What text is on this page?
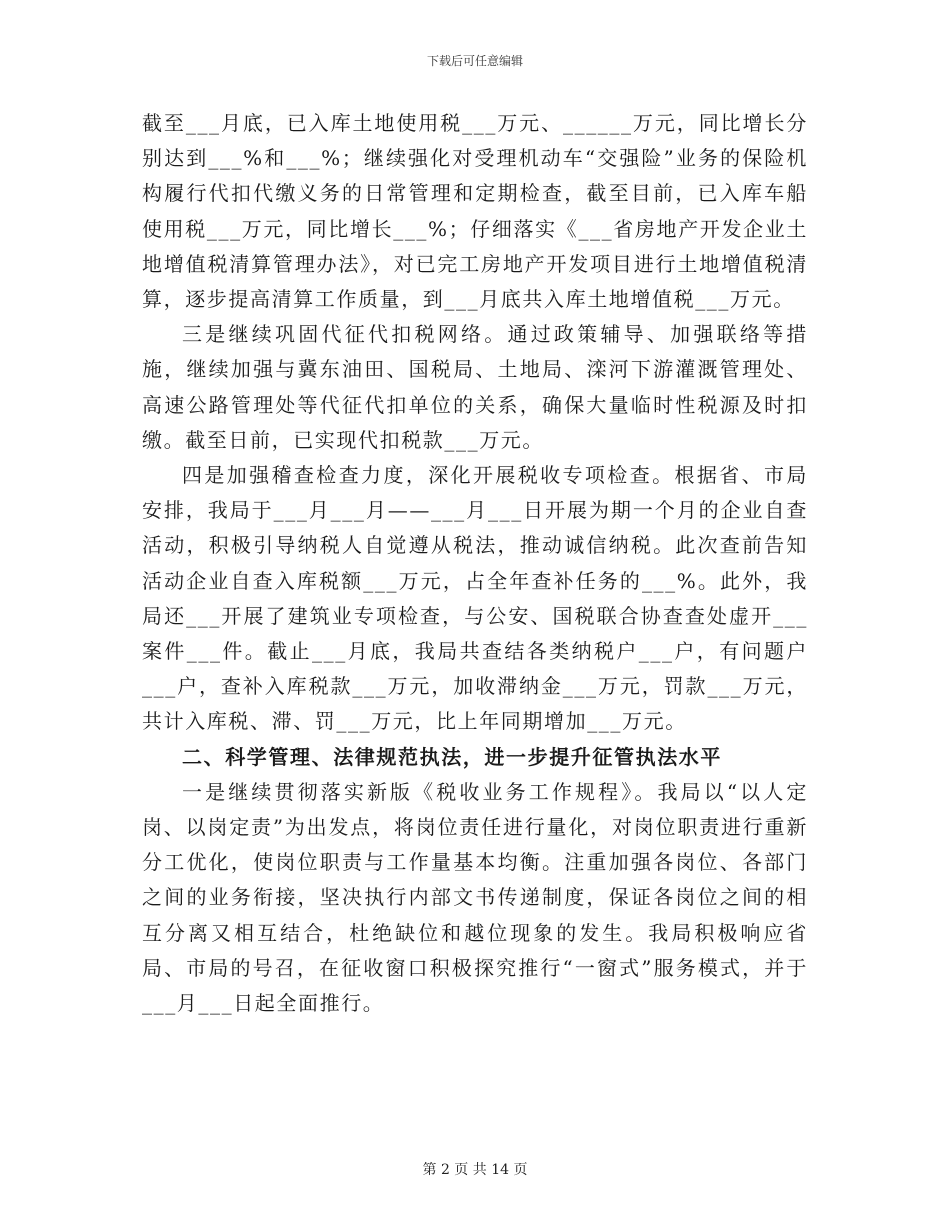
下载后可任意编辑

截至___月底，已入库土地使用税___万元、______万元，同比增长分别达到___%和___%；继续强化对受理机动车“交强险”业务的保险机构履行代扣代缴义务的日常管理和定期检查，截至目前，已入库车船使用税___万元，同比增长___%；仔细落实《___省房地产开发企业土地增值税清算管理办法》，对已完工房地产开发项目进行土地增值税清算，逐步提高清算工作质量，到___月底共入库土地增值税___万元。

三是继续巩固代征代扣税网络。通过政策辅导、加强联络等措施，继续加强与冀东油田、国税局、土地局、滦河下游灌溉管理处、高速公路管理处等代征代扣单位的关系，确保大量临时性税源及时扣缴。截至日前，已实现代扣税款___万元。

四是加强稽查检查力度，深化开展税收专项检查。根据省、市局安排，我局于___月___月——___月___日开展为期一个月的企业自查活动，积极引导纳税人自觉遵从税法，推动诚信纳税。此次查前告知活动企业自查入库税额___万元，占全年查补任务的___%。此外，我局还___开展了建筑业专项检查，与公安、国税联合协查查处虚开___案件___件。截止___月底，我局共查结各类纳税户___户，有问题户___户，查补入库税款___万元，加收滞纳金___万元，罚款___万元，共计入库税、滞、罚___万元，比上年同期增加___万元。

二、科学管理、法律规范执法，进一步提升征管执法水平

一是继续贯彻落实新版《税收业务工作规程》。我局以“以人定岗、以岗定责”为出发点，将岗位责任进行量化，对岗位职责进行重新分工优化，使岗位职责与工作量基本均衡。注重加强各岗位、各部门之间的业务衔接，坚决执行内部文书传递制度，保证各岗位之间的相互分离又相互结合，杜绝缺位和越位现象的发生。我局积极响应省局、市局的号召，在征收窗口积极探究推行“一窗式”服务模式，并于___月___日起全面推行。

第 2 页 共 14 页
